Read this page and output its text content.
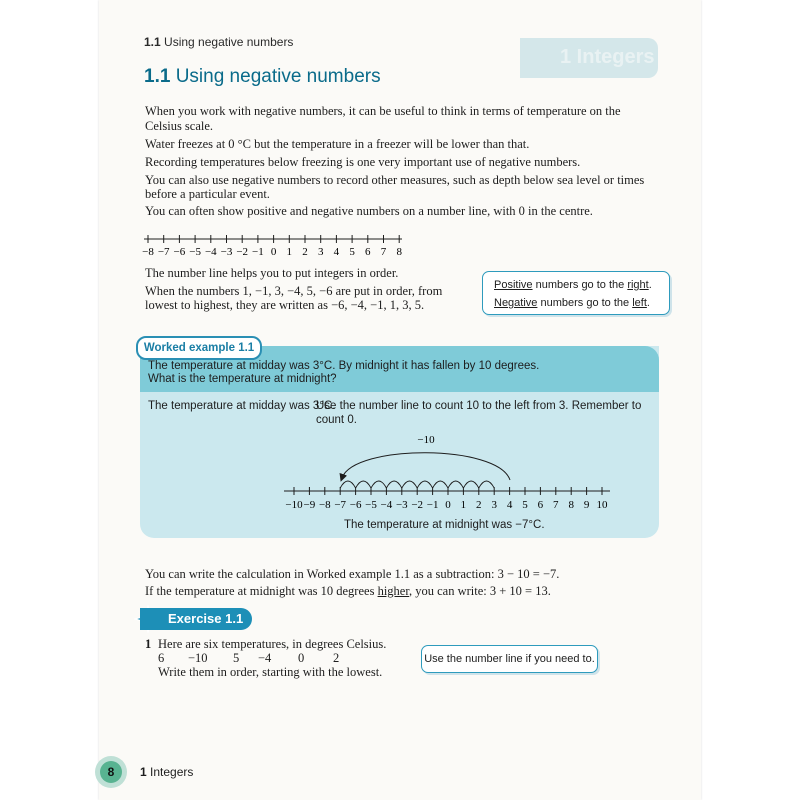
1 Integers
1.1 Using negative numbers
1.1 Using negative numbers
When you work with negative numbers, it can be useful to think in terms of temperature on the
Celsius scale.
Water freezes at 0 °C but the temperature in a freezer will be lower than that.
Recording temperatures below freezing is one very important use of negative numbers.
You can also use negative numbers to record other measures, such as depth below sea level or times
before a particular event.
You can often show positive and negative numbers on a number line, with 0 in the centre.
−8 −7 −6 −5 −4 −3 −2 −1 0 1 2 3 4 5 6 7 8
The number line helps you to put integers in order.
When the numbers 1, −1, 3, −4, 5, −6 are put in order, from
lowest to highest, they are written as −6, −4, −1, 1, 3, 5.
Positive numbers go to the right.
Negative numbers go to the left.
Worked example 1.1
The temperature at midday was 3°C. By midnight it has fallen by 10 degrees.
What is the temperature at midnight?
The temperature at midday was 3°C.
Use the number line to count 10 to the left from 3. Remember to
count 0.
−10
−10 −9 −8 −7 −6 −5 −4 −3 −2 −1 0 1 2 3 4 5 6 7 8 9 10
The temperature at midnight was −7°C.
You can write the calculation in Worked example 1.1 as a subtraction: 3 − 10 = −7.
If the temperature at midnight was 10 degrees higher, you can write: 3 + 10 = 13.
Exercise 1.1
1 Here are six temperatures, in degrees Celsius.
6	−10	5	−4	0	2
Write them in order, starting with the lowest.
Use the number line if you need to.
8 1 Integers
